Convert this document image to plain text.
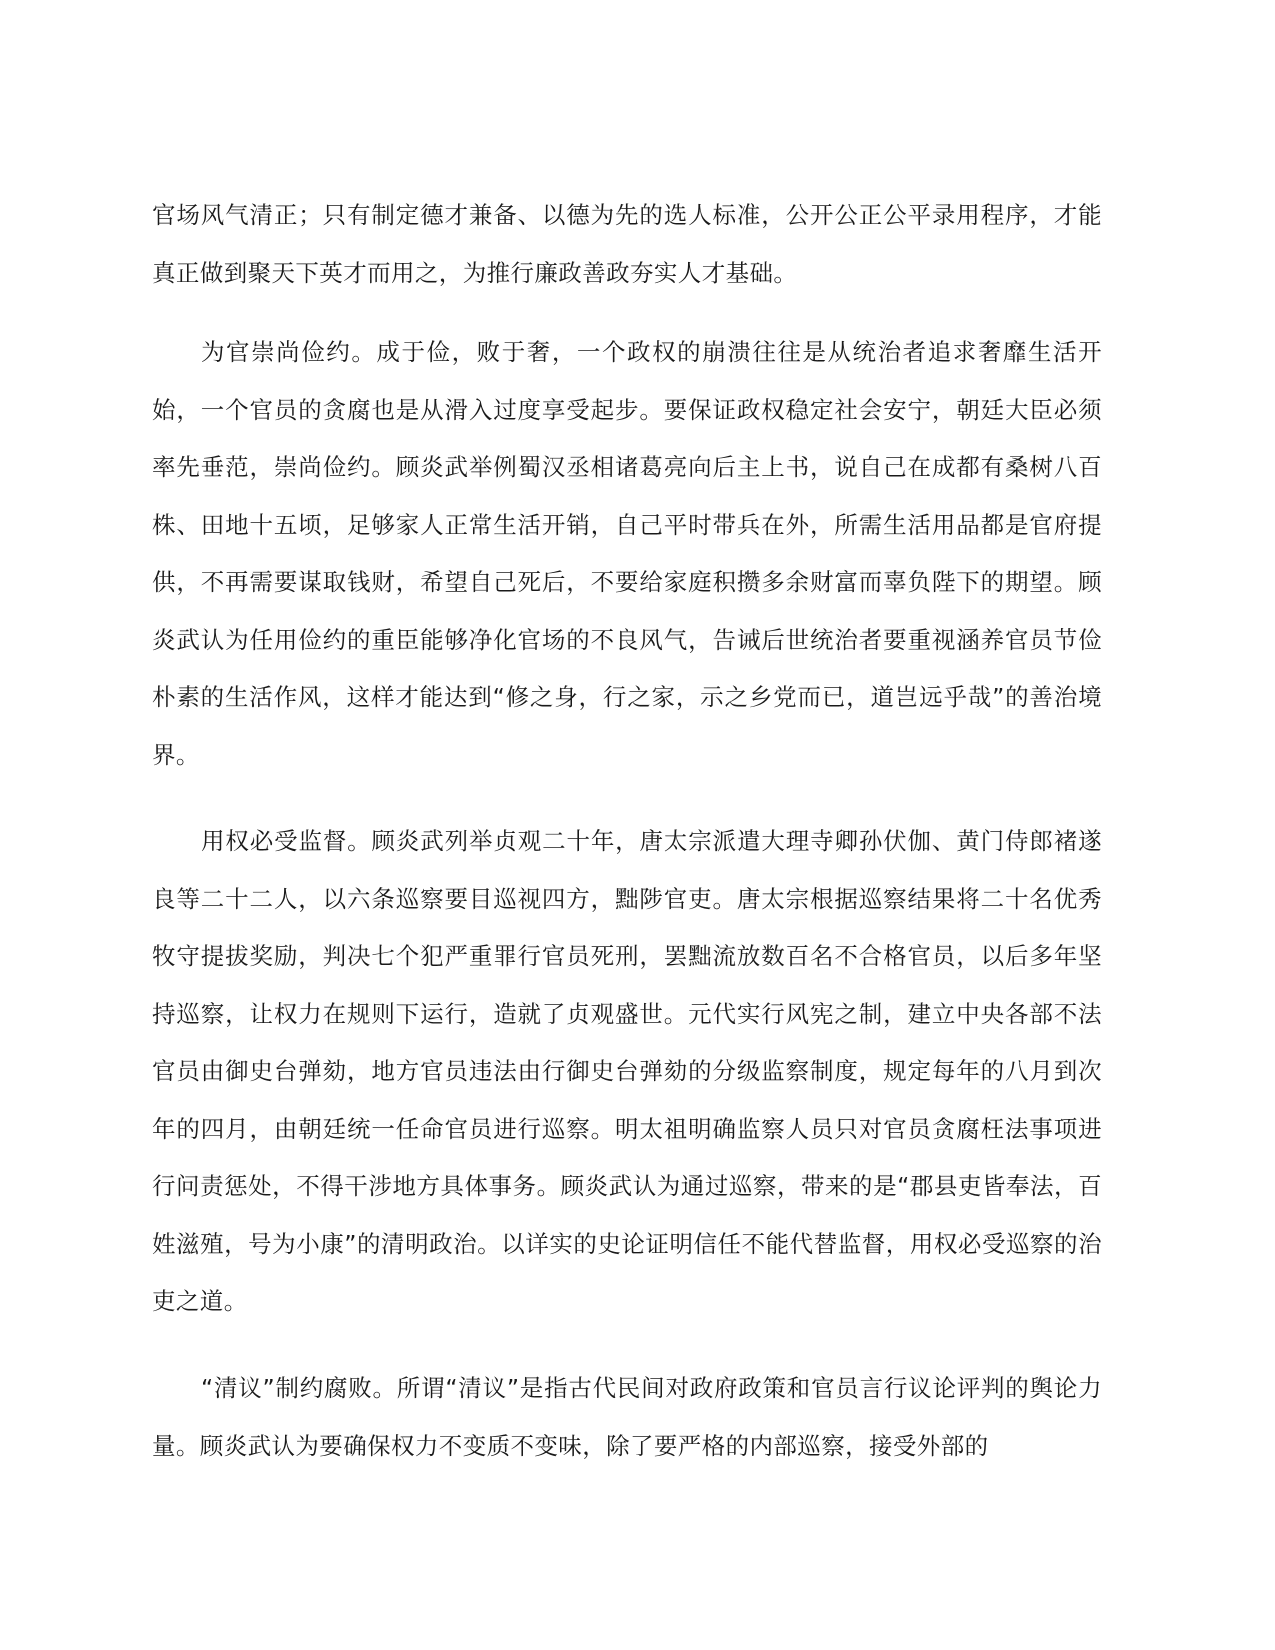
官场风气清正；只有制定德才兼备、以德为先的选人标准，公开公正公平录用程序，才能真正做到聚天下英才而用之，为推行廉政善政夯实人才基础。

为官崇尚俭约。成于俭，败于奢，一个政权的崩溃往往是从统治者追求奢靡生活开始，一个官员的贪腐也是从滑入过度享受起步。要保证政权稳定社会安宁，朝廷大臣必须率先垂范，崇尚俭约。顾炎武举例蜀汉丞相诸葛亮向后主上书，说自己在成都有桑树八百株、田地十五顷，足够家人正常生活开销，自己平时带兵在外，所需生活用品都是官府提供，不再需要谋取钱财，希望自己死后，不要给家庭积攒多余财富而辜负陛下的期望。顾炎武认为任用俭约的重臣能够净化官场的不良风气，告诫后世统治者要重视涵养官员节俭朴素的生活作风，这样才能达到“修之身，行之家，示之乡党而已，道岂远乎哉”的善治境界。

用权必受监督。顾炎武列举贞观二十年，唐太宗派遣大理寺卿孙伏伽、黄门侍郎褚遂良等二十二人，以六条巡察要目巡视四方，黜陟官吏。唐太宗根据巡察结果将二十名优秀牧守提拔奖励，判决七个犯严重罪行官员死刑，罢黜流放数百名不合格官员，以后多年坚持巡察，让权力在规则下运行，造就了贞观盛世。元代实行风宪之制，建立中央各部不法官员由御史台弹劾，地方官员违法由行御史台弹劾的分级监察制度，规定每年的八月到次年的四月，由朝廷统一任命官员进行巡察。明太祖明确监察人员只对官员贪腐枉法事项进行问责惩处，不得干涉地方具体事务。顾炎武认为通过巡察，带来的是“郡县吏皆奉法，百姓滋殖，号为小康”的清明政治。以详实的史论证明信任不能代替监督，用权必受巡察的治吏之道。

“清议”制约腐败。所谓“清议”是指古代民间对政府政策和官员言行议论评判的舆论力量。顾炎武认为要确保权力不变质不变味，除了要严格的内部巡察，接受外部的
